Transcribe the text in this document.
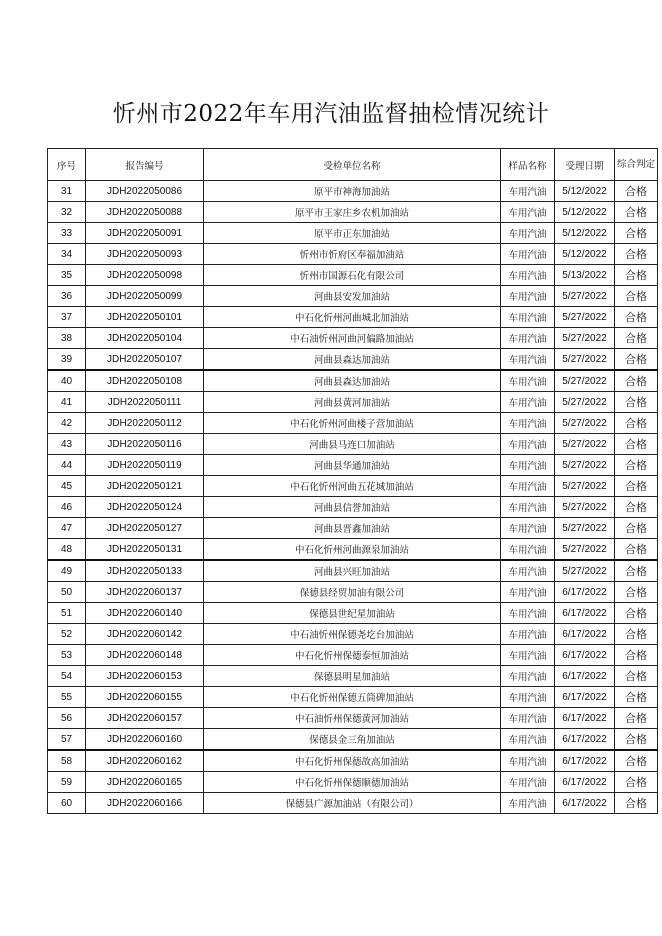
忻州市2022年车用汽油监督抽检情况统计
序号	报告编号	受检单位名称	样品名称	受理日期	综合判定
31	JDH2022050086	原平市神海加油站	车用汽油	5/12/2022	合格
32	JDH2022050088	原平市王家庄乡农机加油站	车用汽油	5/12/2022	合格
33	JDH2022050091	原平市正东加油站	车用汽油	5/12/2022	合格
34	JDH2022050093	忻州市忻府区奉福加油站	车用汽油	5/12/2022	合格
35	JDH2022050098	忻州市国源石化有限公司	车用汽油	5/13/2022	合格
36	JDH2022050099	河曲县安发加油站	车用汽油	5/27/2022	合格
37	JDH2022050101	中石化忻州河曲城北加油站	车用汽油	5/27/2022	合格
38	JDH2022050104	中石油忻州河曲河偏路加油站	车用汽油	5/27/2022	合格
39	JDH2022050107	河曲县森达加油站	车用汽油	5/27/2022	合格
40	JDH2022050108	河曲县森达加油站	车用汽油	5/27/2022	合格
41	JDH2022050111	河曲县黄河加油站	车用汽油	5/27/2022	合格
42	JDH2022050112	中石化忻州河曲楼子营加油站	车用汽油	5/27/2022	合格
43	JDH2022050116	河曲县马连口加油站	车用汽油	5/27/2022	合格
44	JDH2022050119	河曲县华通加油站	车用汽油	5/27/2022	合格
45	JDH2022050121	中石化忻州河曲五花城加油站	车用汽油	5/27/2022	合格
46	JDH2022050124	河曲县信誉加油站	车用汽油	5/27/2022	合格
47	JDH2022050127	河曲县晋鑫加油站	车用汽油	5/27/2022	合格
48	JDH2022050131	中石化忻州河曲源泉加油站	车用汽油	5/27/2022	合格
49	JDH2022050133	河曲县兴旺加油站	车用汽油	5/27/2022	合格
50	JDH2022060137	保德县经贸加油有限公司	车用汽油	6/17/2022	合格
51	JDH2022060140	保德县世纪星加油站	车用汽油	6/17/2022	合格
52	JDH2022060142	中石油忻州保德尧圪台加油站	车用汽油	6/17/2022	合格
53	JDH2022060148	中石化忻州保德泰恒加油站	车用汽油	6/17/2022	合格
54	JDH2022060153	保德县明星加油站	车用汽油	6/17/2022	合格
55	JDH2022060155	中石化忻州保德五筒碑加油站	车用汽油	6/17/2022	合格
56	JDH2022060157	中石油忻州保德黄河加油站	车用汽油	6/17/2022	合格
57	JDH2022060160	保德县金三角加油站	车用汽油	6/17/2022	合格
58	JDH2022060162	中石化忻州保德故高加油站	车用汽油	6/17/2022	合格
59	JDH2022060165	中石化忻州保德顺德加油站	车用汽油	6/17/2022	合格
60	JDH2022060166	保德县广源加油站（有限公司）	车用汽油	6/17/2022	合格
